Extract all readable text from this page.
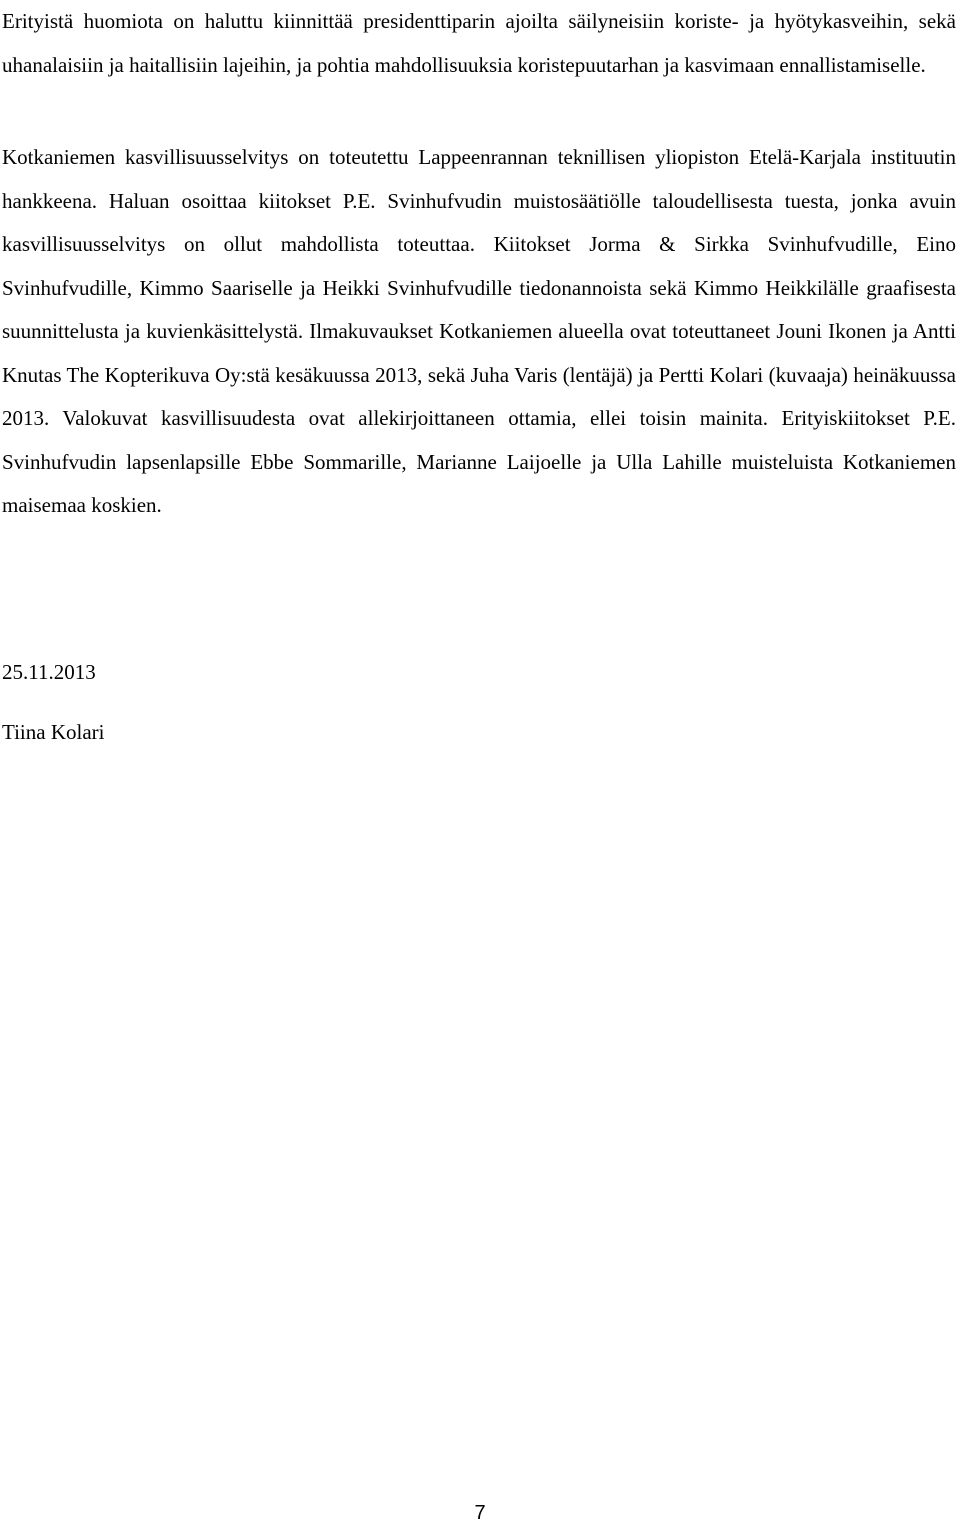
Erityistä huomiota on haluttu kiinnittää presidenttiparin ajoilta säilyneisiin koriste- ja hyötykasveihin, sekä uhanalaisiin ja haitallisiin lajeihin, ja pohtia mahdollisuuksia koristepuutarhan ja kasvimaan ennallistamiselle.

Kotkaniemen kasvillisuusselvitys on toteutettu Lappeenrannan teknillisen yliopiston Etelä-Karjala instituutin hankkeena. Haluan osoittaa kiitokset P.E. Svinhufvudin muistosäätiölle taloudellisesta tuesta, jonka avuin kasvillisuusselvitys on ollut mahdollista toteuttaa. Kiitokset Jorma & Sirkka Svinhufvudille, Eino Svinhufvudille, Kimmo Saariselle ja Heikki Svinhufvudille tiedonannoista sekä Kimmo Heikkilälle graafisesta suunnittelusta ja kuvienkäsittelystä. Ilmakuvaukset Kotkaniemen alueella ovat toteuttaneet Jouni Ikonen ja Antti Knutas The Kopterikuva Oy:stä kesäkuussa 2013, sekä Juha Varis (lentäjä) ja Pertti Kolari (kuvaaja) heinäkuussa 2013. Valokuvat kasvillisuudesta ovat allekirjoittaneen ottamia, ellei toisin mainita. Erityiskiitokset P.E. Svinhufvudin lapsenlapsille Ebbe Sommarille, Marianne Laijoelle ja Ulla Lahille muisteluista Kotkaniemen maisemaa koskien.

25.11.2013

Tiina Kolari

7
